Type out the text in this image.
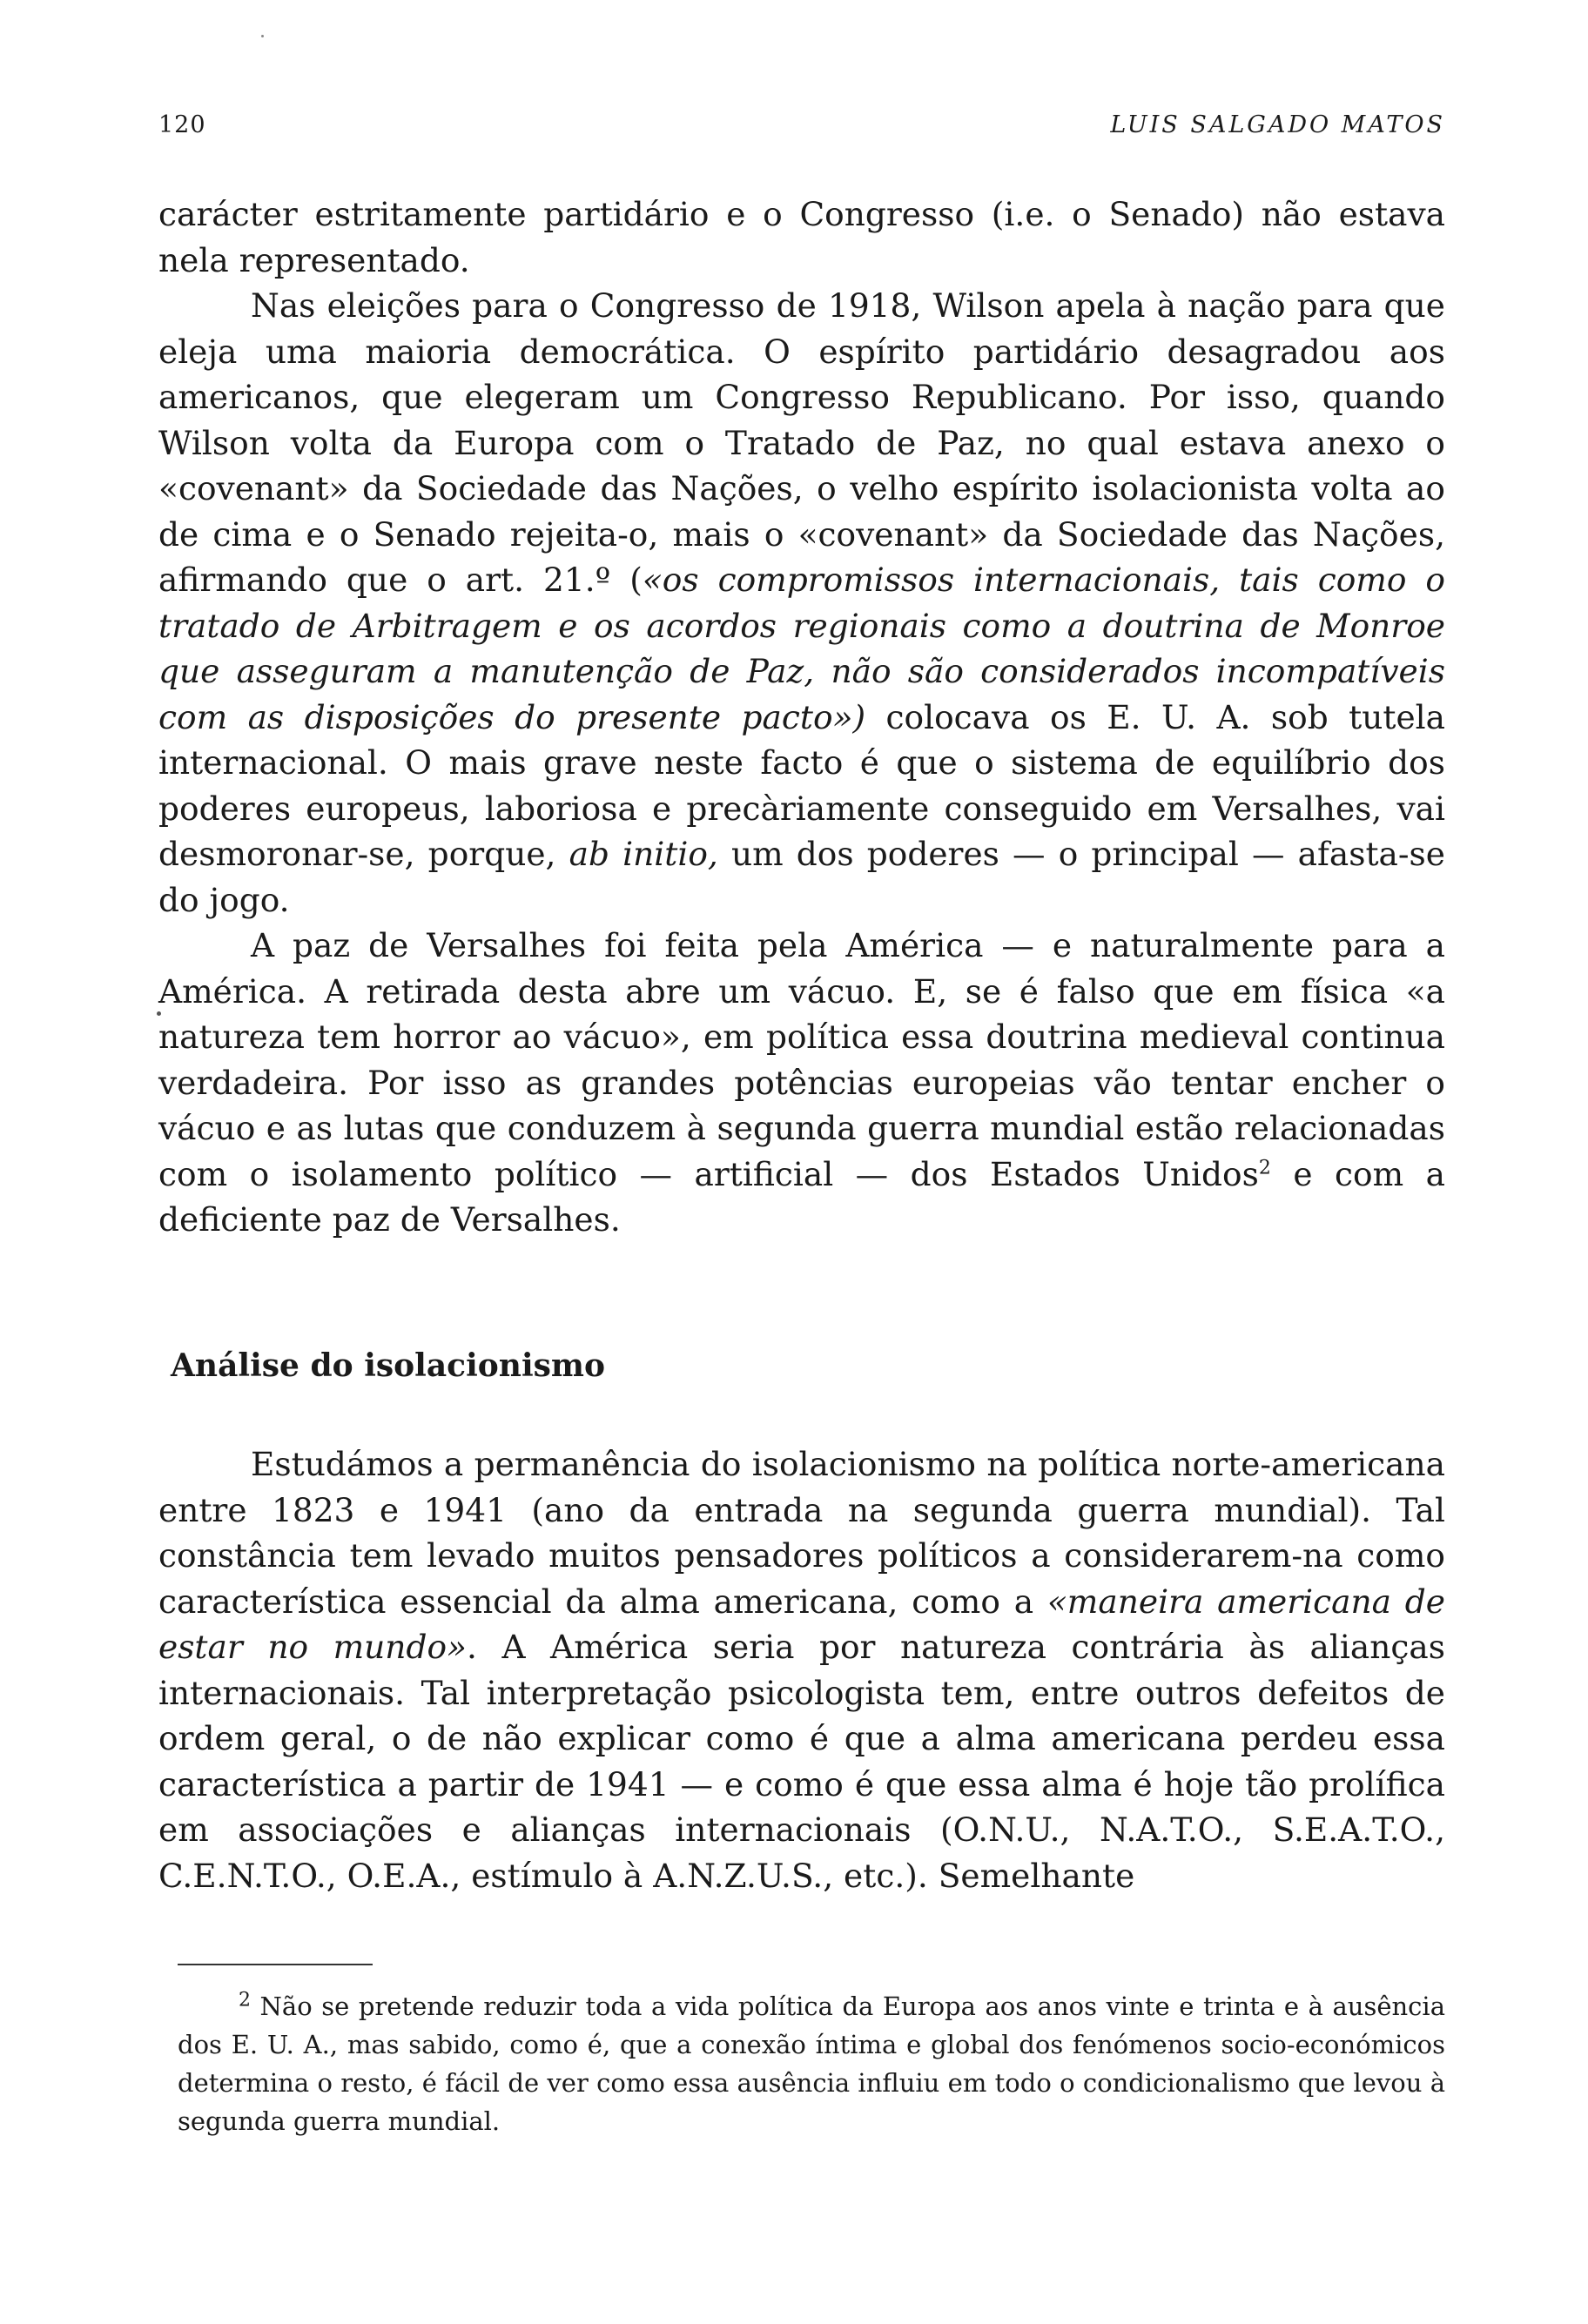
120	LUIS SALGADO MATOS

carácter estritamente partidário e o Congresso (i.e. o Senado) não estava nela representado.

Nas eleições para o Congresso de 1918, Wilson apela à nação para que eleja uma maioria democrática. O espírito partidário desagradou aos americanos, que elegeram um Congresso Republicano. Por isso, quando Wilson volta da Europa com o Tratado de Paz, no qual estava anexo o «covenant» da Sociedade das Nações, o velho espírito isolacionista volta ao de cima e o Senado rejeita-o, mais o «covenant» da Sociedade das Nações, afirmando que o art. 21.º («os compromissos internacionais, tais como o tratado de Arbitragem e os acordos regionais como a doutrina de Monroe que asseguram a manutenção de Paz, não são considerados incompatíveis com as disposições do presente pacto») colocava os E. U. A. sob tutela internacional. O mais grave neste facto é que o sistema de equilíbrio dos poderes europeus, laboriosa e precàriamente conseguido em Versalhes, vai desmoronar-se, porque, ab initio, um dos poderes — o principal — afasta-se do jogo.

A paz de Versalhes foi feita pela América — e naturalmente para a América. A retirada desta abre um vácuo. E, se é falso que em física «a natureza tem horror ao vácuo», em política essa doutrina medieval continua verdadeira. Por isso as grandes potências europeias vão tentar encher o vácuo e as lutas que conduzem à segunda guerra mundial estão relacionadas com o isolamento político — artificial — dos Estados Unidos$^2$ e com a deficiente paz de Versalhes.

Análise do isolacionismo

Estudámos a permanência do isolacionismo na política norte-americana entre 1823 e 1941 (ano da entrada na segunda guerra mundial). Tal constância tem levado muitos pensadores políticos a considerarem-na como característica essencial da alma americana, como a «maneira americana de estar no mundo». A América seria por natureza contrária às alianças internacionais. Tal interpretação psicologista tem, entre outros defeitos de ordem geral, o de não explicar como é que a alma americana perdeu essa característica a partir de 1941 — e como é que essa alma é hoje tão prolífica em associações e alianças internacionais (O.N.U., N.A.T.O., S.E.A.T.O., C.E.N.T.O., O.E.A., estímulo à A.N.Z.U.S., etc.). Semelhante

$^2$ Não se pretende reduzir toda a vida política da Europa aos anos vinte e trinta e à ausência dos E. U. A., mas sabido, como é, que a conexão íntima e global dos fenómenos socio-económicos determina o resto, é fácil de ver como essa ausência influiu em todo o condicionalismo que levou à segunda guerra mundial.
